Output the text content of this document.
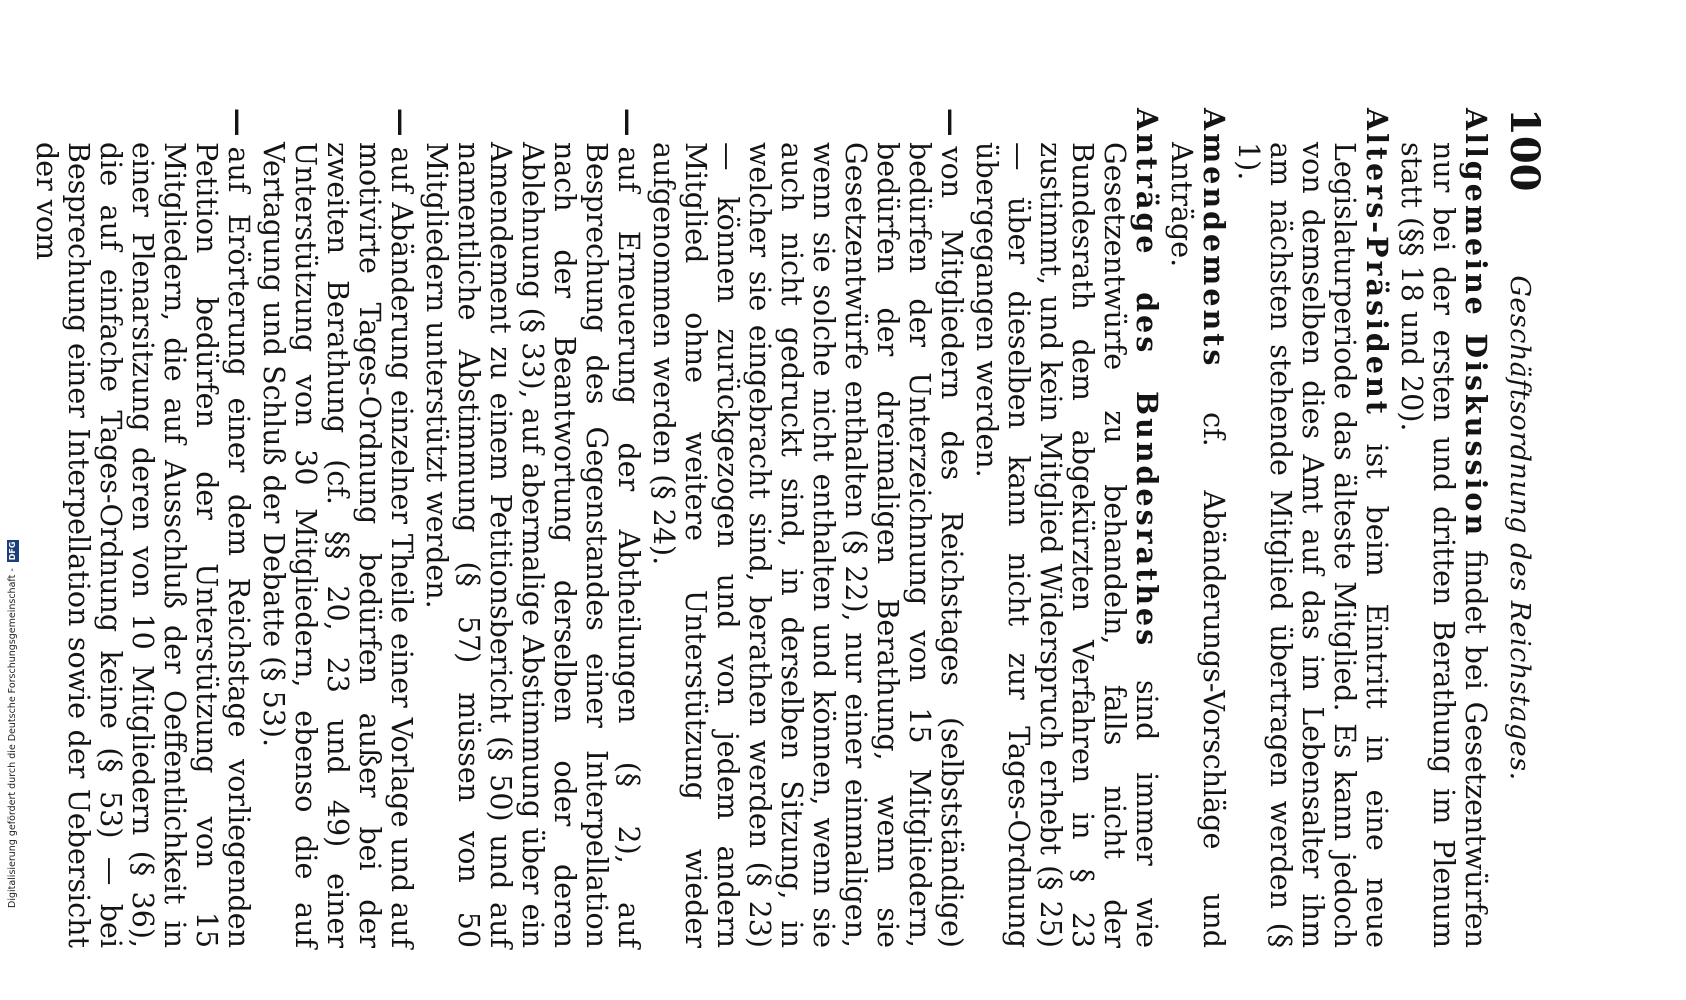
100
Geschäftsordnung des Reichstages.

Allgemeine Diskussion findet bei Gesetzentwürfen nur bei der ersten und dritten Berathung im Plenum statt (§§ 18 und 20).

Alters-Präsident ist beim Eintritt in eine neue Legislaturperiode das älteste Mitglied. Es kann jedoch von demselben dies Amt auf das im Lebensalter ihm am nächsten stehende Mitglied übertragen werden (§ 1).

Amendements cf. Abänderungs-Vorschläge und Anträge.

Anträge des Bundesrathes sind immer wie Gesetzentwürfe zu behandeln, falls nicht der Bundesrath dem abgekürzten Verfahren in § 23 zustimmt, und kein Mitglied Widerspruch erhebt (§ 25) — über dieselben kann nicht zur Tages-Ordnung übergegangen werden.

—von Mitgliedern des Reichstages (selbstständige) bedürfen der Unterzeichnung von 15 Mitgliedern, bedürfen der dreimaligen Berathung, wenn sie Gesetzentwürfe enthalten (§ 22), nur einer einmaligen, wenn sie solche nicht enthalten und können, wenn sie auch nicht gedruckt sind, in derselben Sitzung, in welcher sie eingebracht sind, berathen werden (§ 23) — können zurückgezogen und von jedem andern Mitglied ohne weitere Unterstützung wieder aufgenommen werden (§ 24).

—auf Erneuerung der Abtheilungen (§ 2), auf Besprechung des Gegenstandes einer Interpellation nach der Beantwortung derselben oder deren Ablehnung (§ 33), auf abermalige Abstimmung über ein Amendement zu einem Petitionsbericht (§ 50) und auf namentliche Abstimmung (§ 57) müssen von 50 Mitgliedern unterstützt werden.

—auf Abänderung einzelner Theile einer Vorlage und auf motivirte Tages-Ordnung bedürfen außer bei der zweiten Berathung (cf. §§ 20, 23 und 49) einer Unterstützung von 30 Mitgliedern, ebenso die auf Vertagung und Schluß der Debatte (§ 53).

—auf Erörterung einer dem Reichstage vorliegenden Petition bedürfen der Unterstützung von 15 Mitgliedern, die auf Ausschluß der Oeffentlichkeit in einer Plenarsitzung deren von 10 Mitgliedern (§ 36), die auf einfache Tages-Ordnung keine (§ 53) — bei Besprechung einer Interpellation sowie der Uebersicht der vom

Digitalisierung gefördert durch die Deutsche Forschungsgemeinschaft -
DFG
